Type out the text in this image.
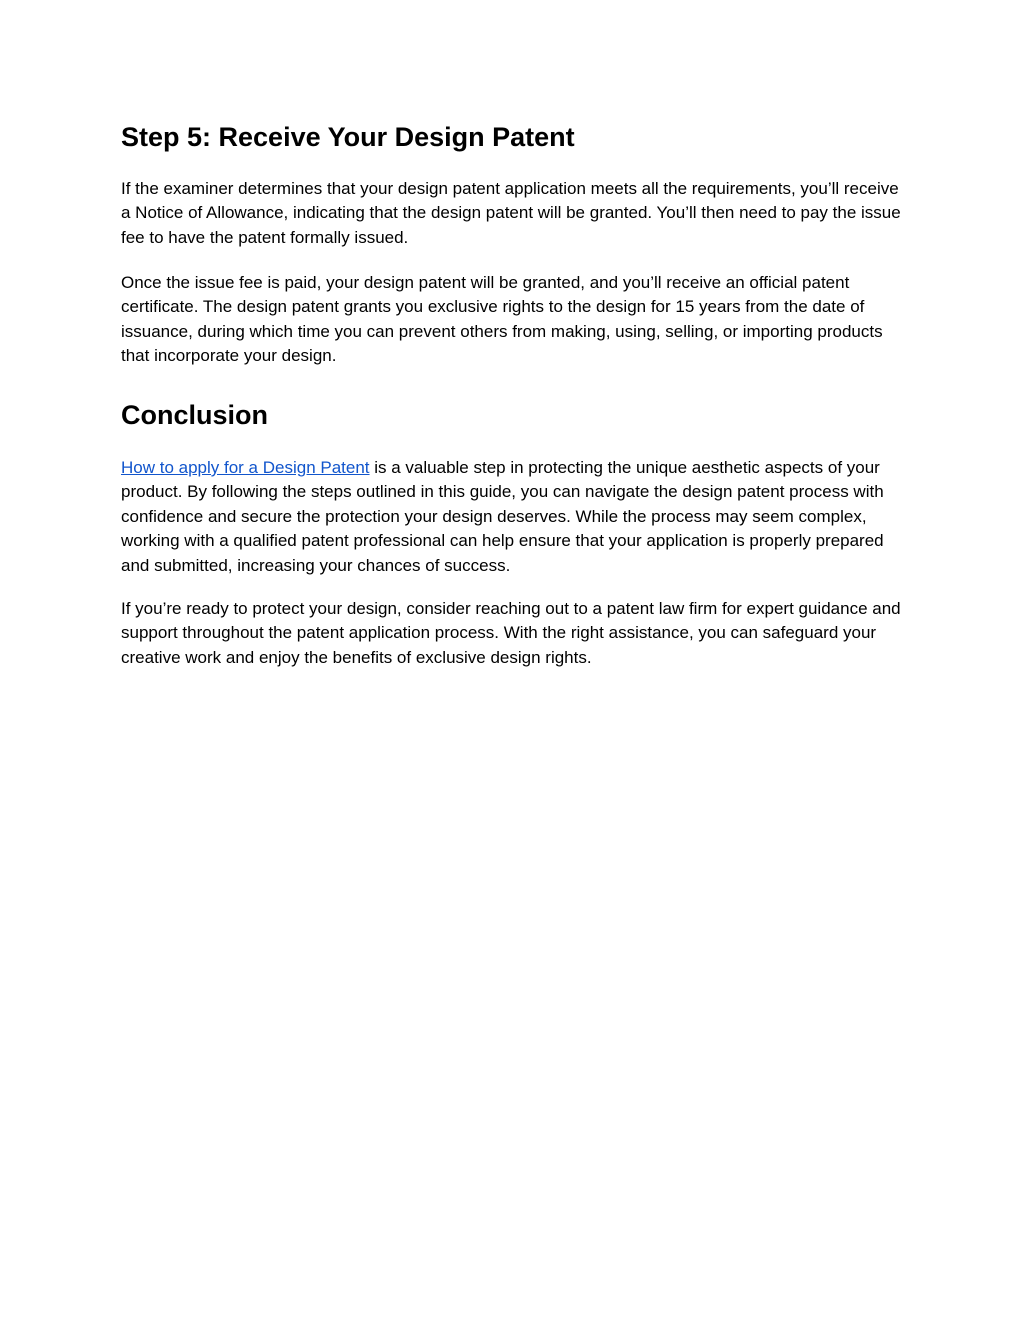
Step 5: Receive Your Design Patent

If the examiner determines that your design patent application meets all the requirements, you’ll receive a Notice of Allowance, indicating that the design patent will be granted. You’ll then need to pay the issue fee to have the patent formally issued.

Once the issue fee is paid, your design patent will be granted, and you’ll receive an official patent certificate. The design patent grants you exclusive rights to the design for 15 years from the date of issuance, during which time you can prevent others from making, using, selling, or importing products that incorporate your design.

Conclusion

How to apply for a Design Patent is a valuable step in protecting the unique aesthetic aspects of your product. By following the steps outlined in this guide, you can navigate the design patent process with confidence and secure the protection your design deserves. While the process may seem complex, working with a qualified patent professional can help ensure that your application is properly prepared and submitted, increasing your chances of success.

If you’re ready to protect your design, consider reaching out to a patent law firm for expert guidance and support throughout the patent application process. With the right assistance, you can safeguard your creative work and enjoy the benefits of exclusive design rights.
